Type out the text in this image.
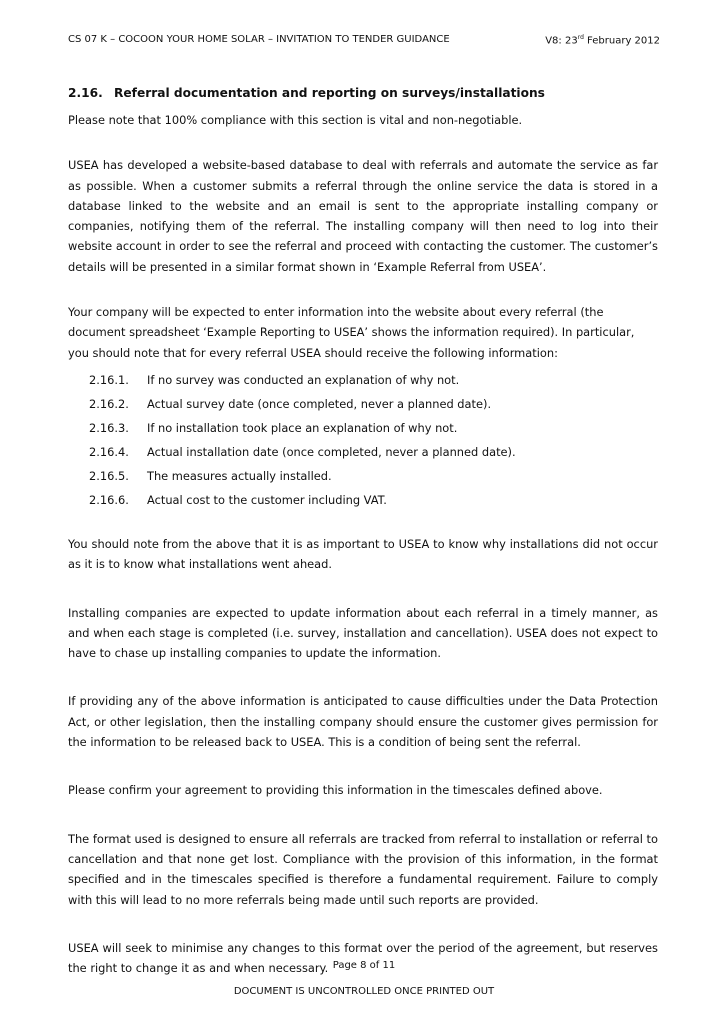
CS 07 K – COCOON YOUR HOME SOLAR – INVITATION TO TENDER GUIDANCE	V8: 23rd February 2012
2.16. Referral documentation and reporting on surveys/installations

Please note that 100% compliance with this section is vital and non-negotiable.

USEA has developed a website-based database to deal with referrals and automate the service as far as possible. When a customer submits a referral through the online service the data is stored in a database linked to the website and an email is sent to the appropriate installing company or companies, notifying them of the referral. The installing company will then need to log into their website account in order to see the referral and proceed with contacting the customer. The customer’s details will be presented in a similar format shown in ‘Example Referral from USEA’.

Your company will be expected to enter information into the website about every referral (the document spreadsheet ‘Example Reporting to USEA’ shows the information required). In particular, you should note that for every referral USEA should receive the following information:

2.16.1.	If no survey was conducted an explanation of why not.
2.16.2.	Actual survey date (once completed, never a planned date).
2.16.3.	If no installation took place an explanation of why not.
2.16.4.	Actual installation date (once completed, never a planned date).
2.16.5.	The measures actually installed.
2.16.6.	Actual cost to the customer including VAT.

You should note from the above that it is as important to USEA to know why installations did not occur as it is to know what installations went ahead.

Installing companies are expected to update information about each referral in a timely manner, as and when each stage is completed (i.e. survey, installation and cancellation). USEA does not expect to have to chase up installing companies to update the information.

If providing any of the above information is anticipated to cause difficulties under the Data Protection Act, or other legislation, then the installing company should ensure the customer gives permission for the information to be released back to USEA. This is a condition of being sent the referral.

Please confirm your agreement to providing this information in the timescales defined above.

The format used is designed to ensure all referrals are tracked from referral to installation or referral to cancellation and that none get lost. Compliance with the provision of this information, in the format specified and in the timescales specified is therefore a fundamental requirement. Failure to comply with this will lead to no more referrals being made until such reports are provided.

USEA will seek to minimise any changes to this format over the period of the agreement, but reserves the right to change it as and when necessary. Page 8 of 11
DOCUMENT IS UNCONTROLLED ONCE PRINTED OUT
